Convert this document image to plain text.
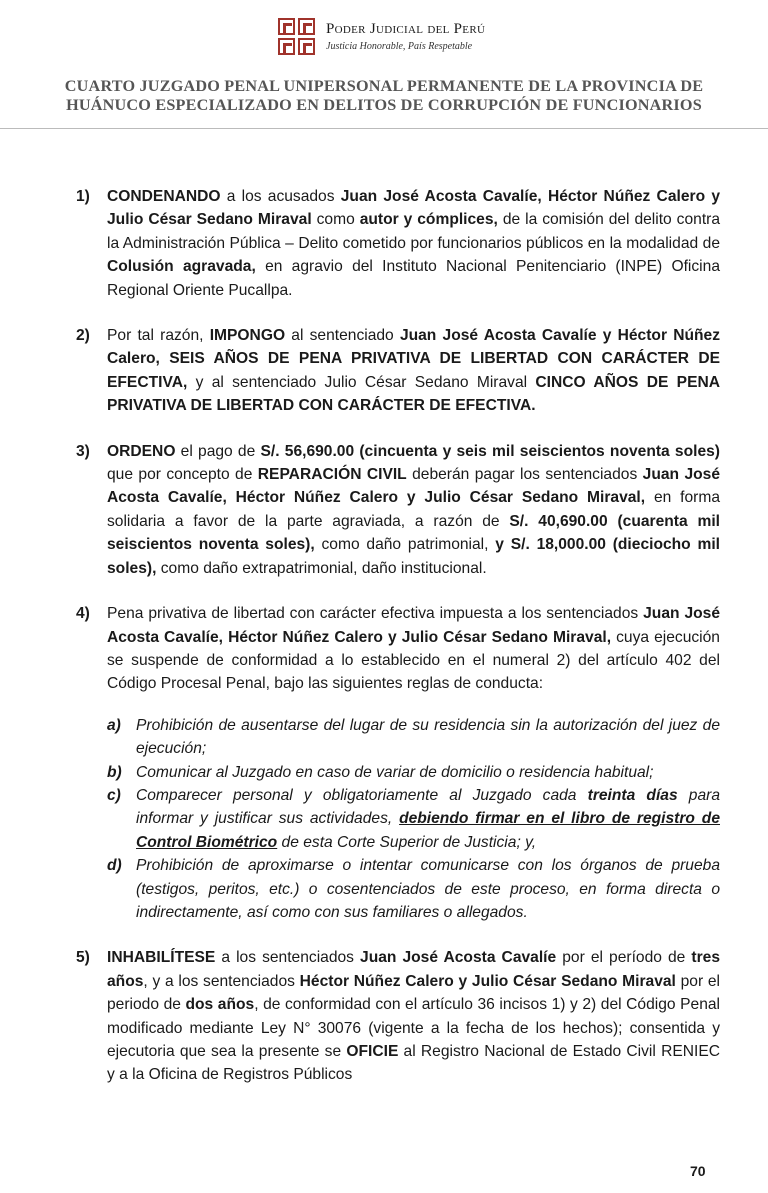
Poder Judicial del Perú
Justicia Honorable, País Respetable
CUARTO JUZGADO PENAL UNIPERSONAL PERMANENTE DE LA PROVINCIA DE
HUÁNUCO ESPECIALIZADO EN DELITOS DE CORRUPCIÓN DE FUNCIONARIOS
1) CONDENANDO a los acusados Juan José Acosta Cavalíe, Héctor Núñez Calero y Julio César Sedano Miraval como autor y cómplices, de la comisión del delito contra la Administración Pública – Delito cometido por funcionarios públicos en la modalidad de Colusión agravada, en agravio del Instituto Nacional Penitenciario (INPE) Oficina Regional Oriente Pucallpa.
2) Por tal razón, IMPONGO al sentenciado Juan José Acosta Cavalíe y Héctor Núñez Calero, SEIS AÑOS DE PENA PRIVATIVA DE LIBERTAD CON CARÁCTER DE EFECTIVA, y al sentenciado Julio César Sedano Miraval CINCO AÑOS DE PENA PRIVATIVA DE LIBERTAD CON CARÁCTER DE EFECTIVA.
3) ORDENO el pago de S/. 56,690.00 (cincuenta y seis mil seiscientos noventa soles) que por concepto de REPARACIÓN CIVIL deberán pagar los sentenciados Juan José Acosta Cavalíe, Héctor Núñez Calero y Julio César Sedano Miraval, en forma solidaria a favor de la parte agraviada, a razón de S/. 40,690.00 (cuarenta mil seiscientos noventa soles), como daño patrimonial, y S/. 18,000.00 (dieciocho mil soles), como daño extrapatrimonial, daño institucional.
4) Pena privativa de libertad con carácter efectiva impuesta a los sentenciados Juan José Acosta Cavalíe, Héctor Núñez Calero y Julio César Sedano Miraval, cuya ejecución se suspende de conformidad a lo establecido en el numeral 2) del artículo 402 del Código Procesal Penal, bajo las siguientes reglas de conducta:
a) Prohibición de ausentarse del lugar de su residencia sin la autorización del juez de ejecución;
b) Comunicar al Juzgado en caso de variar de domicilio o residencia habitual;
c) Comparecer personal y obligatoriamente al Juzgado cada treinta días para informar y justificar sus actividades, debiendo firmar en el libro de registro de Control Biométrico de esta Corte Superior de Justicia; y,
d) Prohibición de aproximarse o intentar comunicarse con los órganos de prueba (testigos, peritos, etc.) o cosentenciados de este proceso, en forma directa o indirectamente, así como con sus familiares o allegados.
5) INHABILÍTESE a los sentenciados Juan José Acosta Cavalíe por el período de tres años, y a los sentenciados Héctor Núñez Calero y Julio César Sedano Miraval por el periodo de dos años, de conformidad con el artículo 36 incisos 1) y 2) del Código Penal modificado mediante Ley N° 30076 (vigente a la fecha de los hechos); consentida y ejecutoria que sea la presente se OFICIE al Registro Nacional de Estado Civil RENIEC y a la Oficina de Registros Públicos
70
